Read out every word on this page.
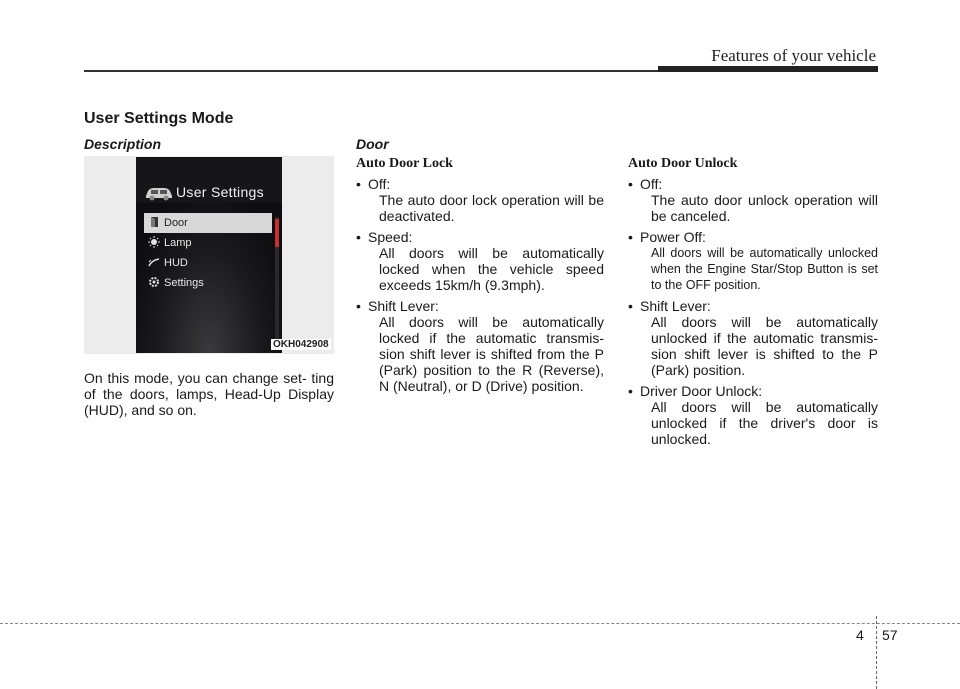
Features of your vehicle
User Settings Mode
Description
User Settings
Door
Lamp
HUD
Settings
OKH042908
On this mode, you can change set- ting of the doors, lamps, Head-Up Display (HUD), and so on.
Door
Auto Door Lock
• Off:
The auto door lock operation will be deactivated.
• Speed:
All doors will be automatically locked when the vehicle speed exceeds 15km/h (9.3mph).
• Shift Lever:
All doors will be automatically locked if the automatic transmis- sion shift lever is shifted from the P (Park) position to the R (Reverse), N (Neutral), or D (Drive) position.
Auto Door Unlock
• Off:
The auto door unlock operation will be canceled.
• Power Off:
All doors will be automatically unlocked when the Engine Star/Stop Button is set to the OFF position.
• Shift Lever:
All doors will be automatically unlocked if the automatic transmis- sion shift lever is shifted to the P (Park) position.
• Driver Door Unlock:
All doors will be automatically unlocked if the driver's door is unlocked.
4 57
